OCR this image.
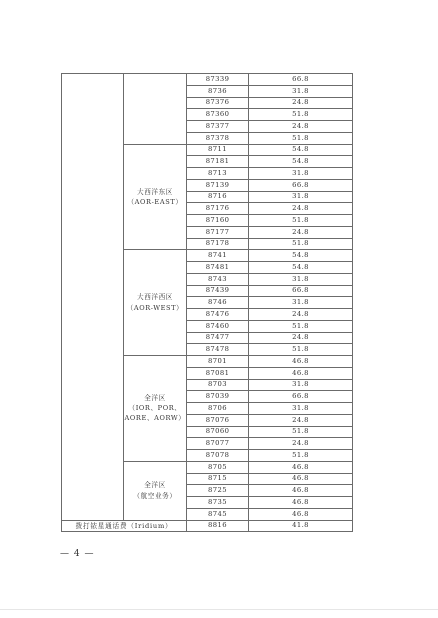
		87339	66.8
		8736	31.8
		87376	24.8
		87360	51.8
		87377	24.8
		87378	51.8

	大西洋东区
（AOR-EAST）	8711	54.8
		87181	54.8
		8713	31.8
		87139	66.8
		8716	31.8
		87176	24.8
		87160	51.8
		87177	24.8
		87178	51.8

	大西洋西区
（AOR-WEST）	8741	54.8
		87481	54.8
		8743	31.8
		87439	66.8
		8746	31.8
		87476	24.8
		87460	51.8
		87477	24.8
		87478	51.8

	全洋区
（IOR、POR、
AORE、AORW）	8701	46.8
		87081	46.8
		8703	31.8
		87039	66.8
		8706	31.8
		87076	24.8
		87060	51.8
		87077	24.8
		87078	51.8

	全洋区
（航空业务）	8705	46.8
		8715	46.8
		8725	46.8
		8735	46.8
		8745	46.8
拨打铱星通话费（Iridium）		8816	41.8
— 4 —
